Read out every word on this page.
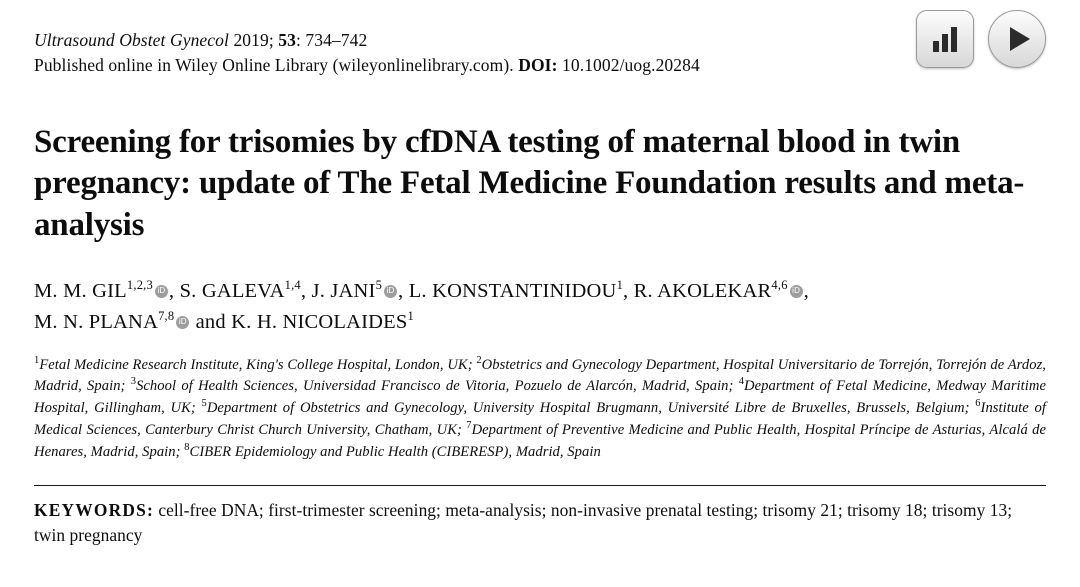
Ultrasound Obstet Gynecol 2019; 53: 734–742
Published online in Wiley Online Library (wileyonlinelibrary.com). DOI: 10.1002/uog.20284
Screening for trisomies by cfDNA testing of maternal blood in twin pregnancy: update of The Fetal Medicine Foundation results and meta-analysis
M. M. GIL$^{1,2,3}$ iD , S. GALEVA$^{1,4}$, J. JANI$^5$ iD , L. KONSTANTINIDOU$^1$, R. AKOLEKAR$^{4,6}$ iD ,
M. N. PLANA$^{7,8}$iD and K. H. NICOLAIDES$^1$
$^1$Fetal Medicine Research Institute, King's College Hospital, London, UK; $^2$Obstetrics and Gynecology Department, Hospital Universitario de Torrejón, Torrejón de Ardoz, Madrid, Spain; $^3$School of Health Sciences, Universidad Francisco de Vitoria, Pozuelo de Alarcón, Madrid, Spain; $^4$Department of Fetal Medicine, Medway Maritime Hospital, Gillingham, UK; $^5$Department of Obstetrics and Gynecology, University Hospital Brugmann, Université Libre de Bruxelles, Brussels, Belgium; $^6$Institute of Medical Sciences, Canterbury Christ Church University, Chatham, UK; $^7$Department of Preventive Medicine and Public Health, Hospital Príncipe de Asturias, Alcalá de Henares, Madrid, Spain; $^8$CIBER Epidemiology and Public Health (CIBERESP), Madrid, Spain
KEYWORDS: cell-free DNA; first-trimester screening; meta-analysis; non-invasive prenatal testing; trisomy 21; trisomy 18; trisomy 13; twin pregnancy
